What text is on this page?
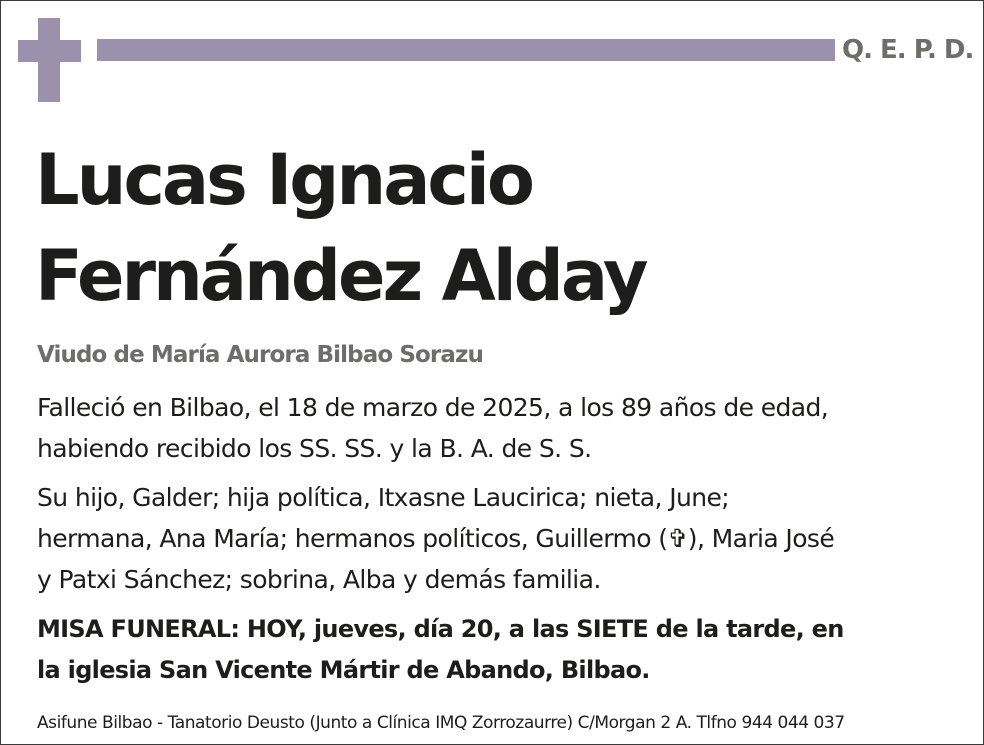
Q. E. P. D.
Lucas Ignacio
Fernández Alday
Viudo de María Aurora Bilbao Sorazu

Falleció en Bilbao, el 18 de marzo de 2025, a los 89 años de edad,
habiendo recibido los SS. SS. y la B. A. de S. S.

Su hijo, Galder; hija política, Itxasne Laucirica; nieta, June;
hermana, Ana María; hermanos políticos, Guillermo (✞), Maria José
y Patxi Sánchez; sobrina, Alba y demás familia.

MISA FUNERAL: HOY, jueves, día 20, a las SIETE de la tarde, en
la iglesia San Vicente Mártir de Abando, Bilbao.

Asifune Bilbao - Tanatorio Deusto (Junto a Clínica IMQ Zorrozaurre) C/Morgan 2 A. Tlfno 944 044 037
